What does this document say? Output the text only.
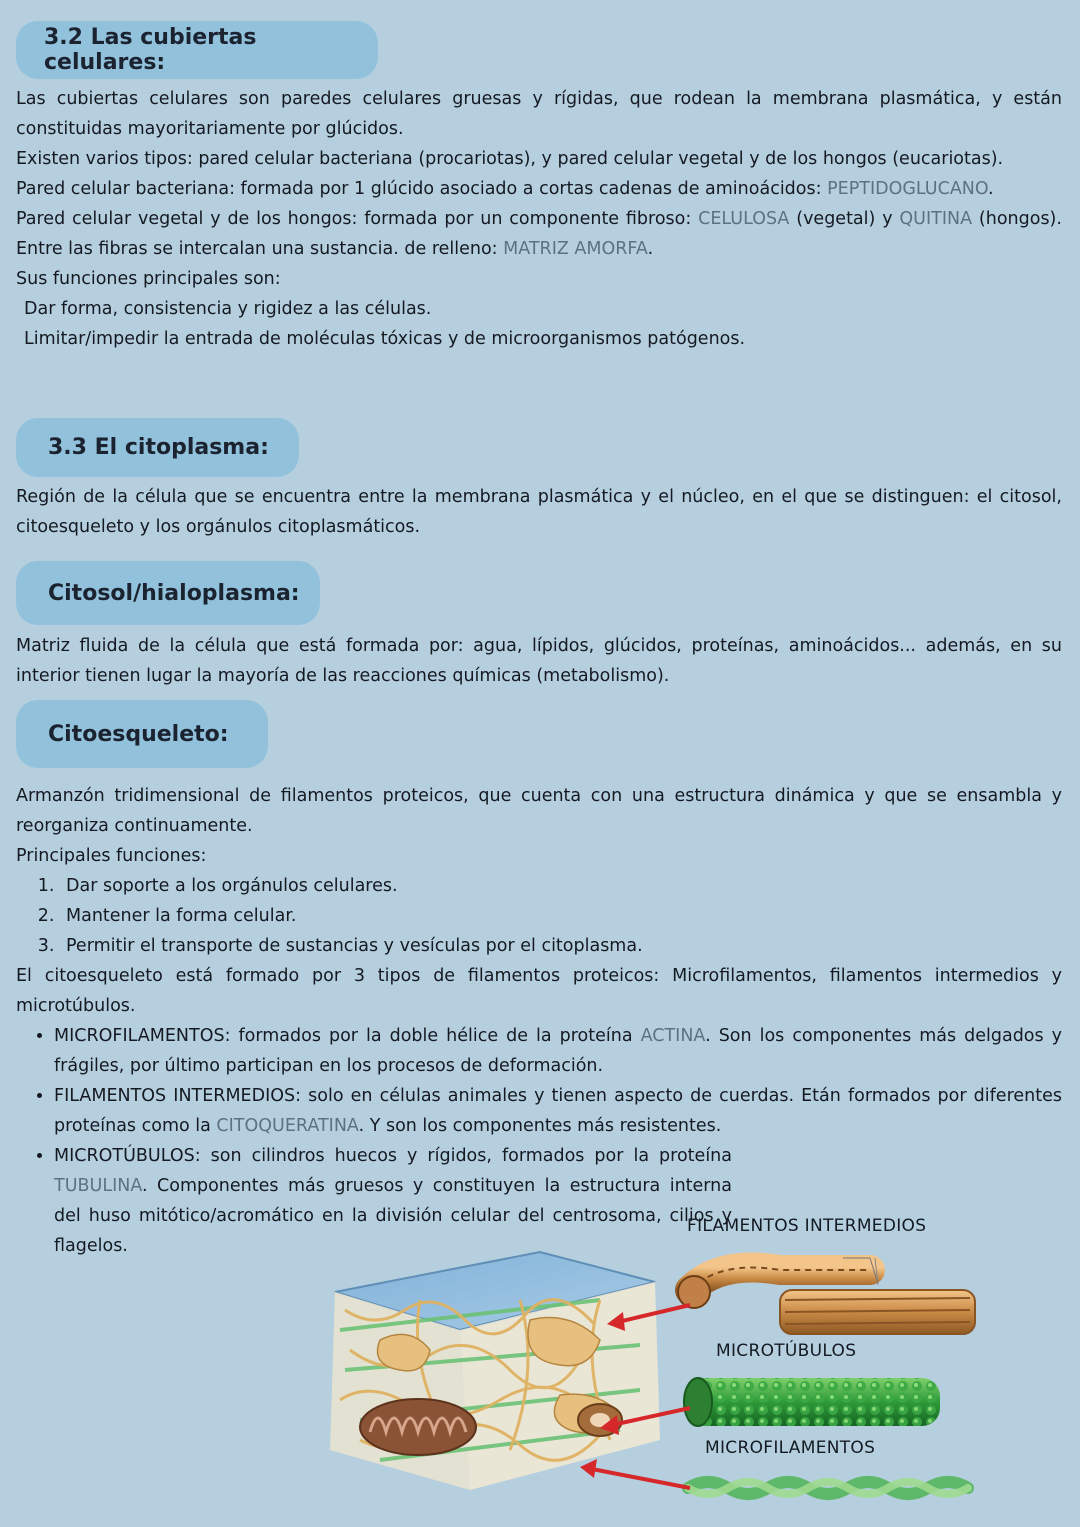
3.2 Las cubiertas celulares:

Las cubiertas celulares son paredes celulares gruesas y rígidas, que rodean la membrana plasmática, y están constituidas mayoritariamente por glúcidos.

Existen varios tipos: pared celular bacteriana (procariotas), y pared celular vegetal y de los hongos (eucariotas).

Pared celular bacteriana: formada por 1 glúcido asociado a cortas cadenas de aminoácidos: PEPTIDOGLUCANO.

Pared celular vegetal y de los hongos: formada por un componente fibroso: CELULOSA (vegetal) y QUITINA (hongos). Entre las fibras se intercalan una sustancia. de relleno: MATRIZ AMORFA.

Sus funciones principales son:

Dar forma, consistencia y rigidez a las células.

Limitar/impedir la entrada de moléculas tóxicas y de microorganismos patógenos.

3.3 El citoplasma:

Región de la célula que se encuentra entre la membrana plasmática y el núcleo, en el que se distinguen: el citosol, citoesqueleto y los orgánulos citoplasmáticos.

Citosol/hialoplasma:

Matriz fluida de la célula que está formada por: agua, lípidos, glúcidos, proteínas, aminoácidos... además, en su interior tienen lugar la mayoría de las reacciones químicas (metabolismo).

Citoesqueleto:

Armanzón tridimensional de filamentos proteicos, que cuenta con una estructura dinámica y que se ensambla y reorganiza continuamente.

Principales funciones:

1. Dar soporte a los orgánulos celulares.
2. Mantener la forma celular.
3. Permitir el transporte de sustancias y vesículas por el citoplasma.

El citoesqueleto está formado por 3 tipos de filamentos proteicos: Microfilamentos, filamentos intermedios y microtúbulos.

• MICROFILAMENTOS: formados por la doble hélice de la proteína ACTINA. Son los componentes más delgados y frágiles, por último participan en los procesos de deformación.
• FILAMENTOS INTERMEDIOS: solo en células animales y tienen aspecto de cuerdas. Etán formados por diferentes proteínas como la CITOQUERATINA. Y son los componentes más resistentes.
• MICROTÚBULOS: son cilindros huecos y rígidos, formados por la proteína TUBULINA. Componentes más gruesos y constituyen la estructura interna del huso mitótico/acromático en la división celular del centrosoma, cilios y flagelos.
FILAMENTOS INTERMEDIOS
MICROTÚBULOS
MICROFILAMENTOS
